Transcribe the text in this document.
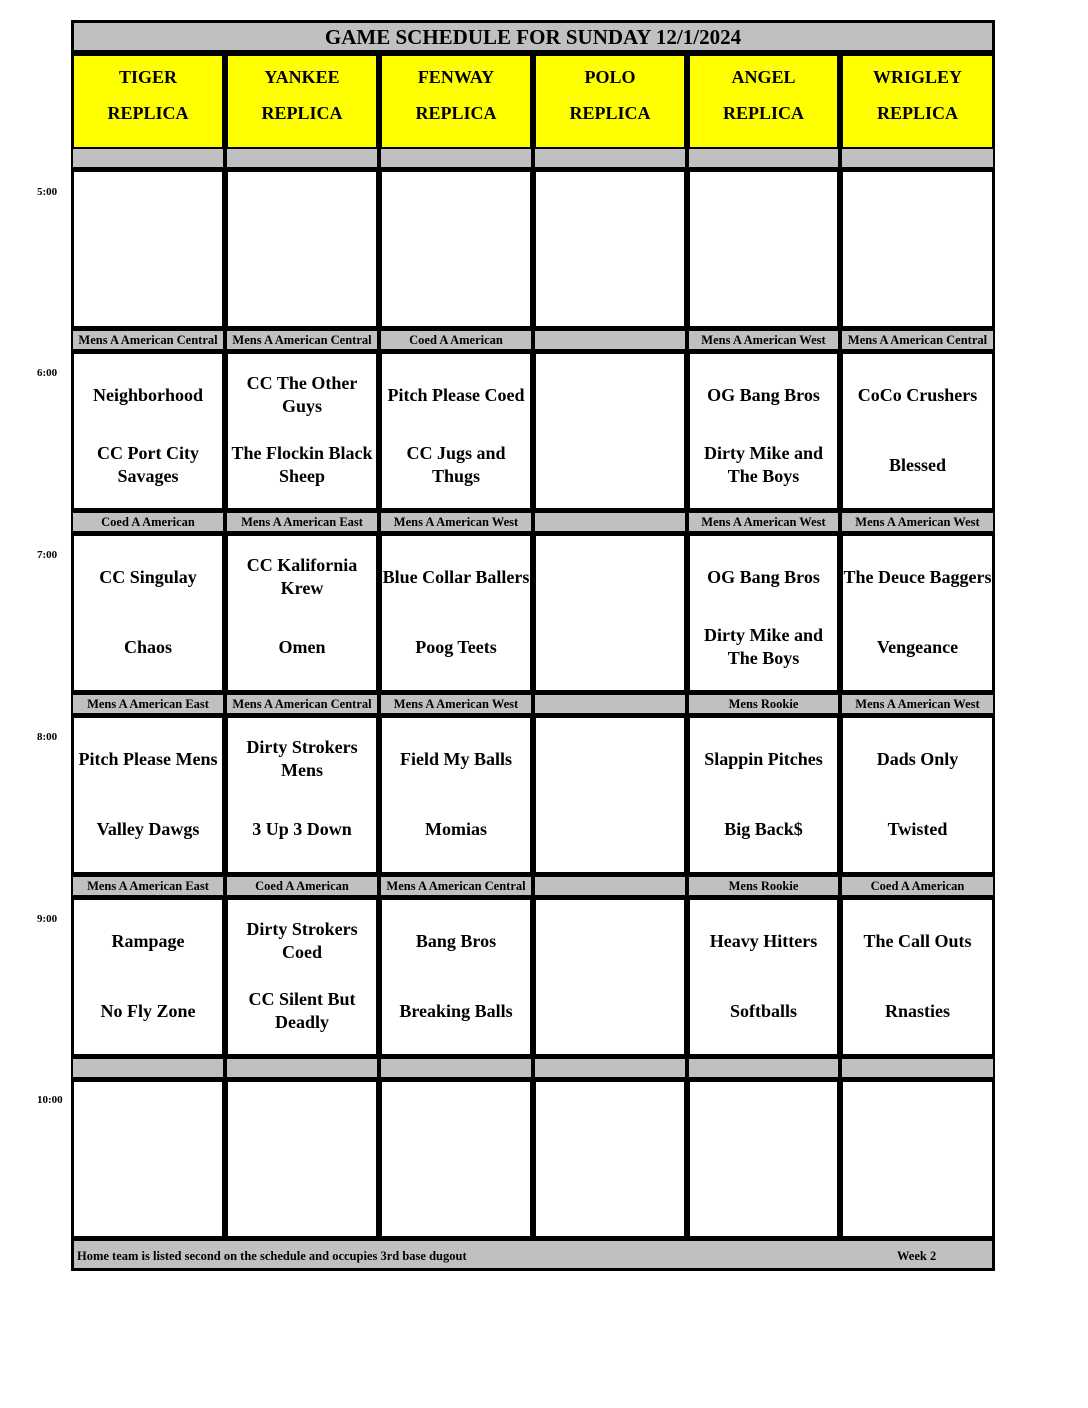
GAME SCHEDULE FOR SUNDAY 12/1/2024
TIGER
REPLICA
YANKEE
REPLICA
FENWAY
REPLICA
POLO
REPLICA
ANGEL
REPLICA
WRIGLEY
REPLICA
Mens A American Central
Neighborhood
CC Port City Savages
Mens A American Central
CC The Other Guys
The Flockin Black Sheep
Coed A American
Pitch Please Coed
CC Jugs and Thugs
Mens A American West
OG Bang Bros
Dirty Mike and The Boys
Mens A American Central
CoCo Crushers
Blessed
Coed A American
CC Singulay
Chaos
Mens A American East
CC Kalifornia Krew
Omen
Mens A American West
Blue Collar Ballers
Poog Teets
Mens A American West
OG Bang Bros
Dirty Mike and The Boys
Mens A American West
The Deuce Baggers
Vengeance
Mens A American East
Pitch Please Mens
Valley Dawgs
Mens A American Central
Dirty Strokers Mens
3 Up 3 Down
Mens A American West
Field My Balls
Momias
Mens Rookie
Slappin Pitches
Big Back$
Mens A American West
Dads Only
Twisted
Mens A American East
Rampage
No Fly Zone
Coed A American
Dirty Strokers Coed
CC Silent But Deadly
Mens A American Central
Bang Bros
Breaking Balls
Mens Rookie
Heavy Hitters
Softballs
Coed A American
The Call Outs
Rnasties
Home team is listed second on the schedule and occupies 3rd base dugout	Week 2
5:00
6:00
7:00
8:00
9:00
10:00
